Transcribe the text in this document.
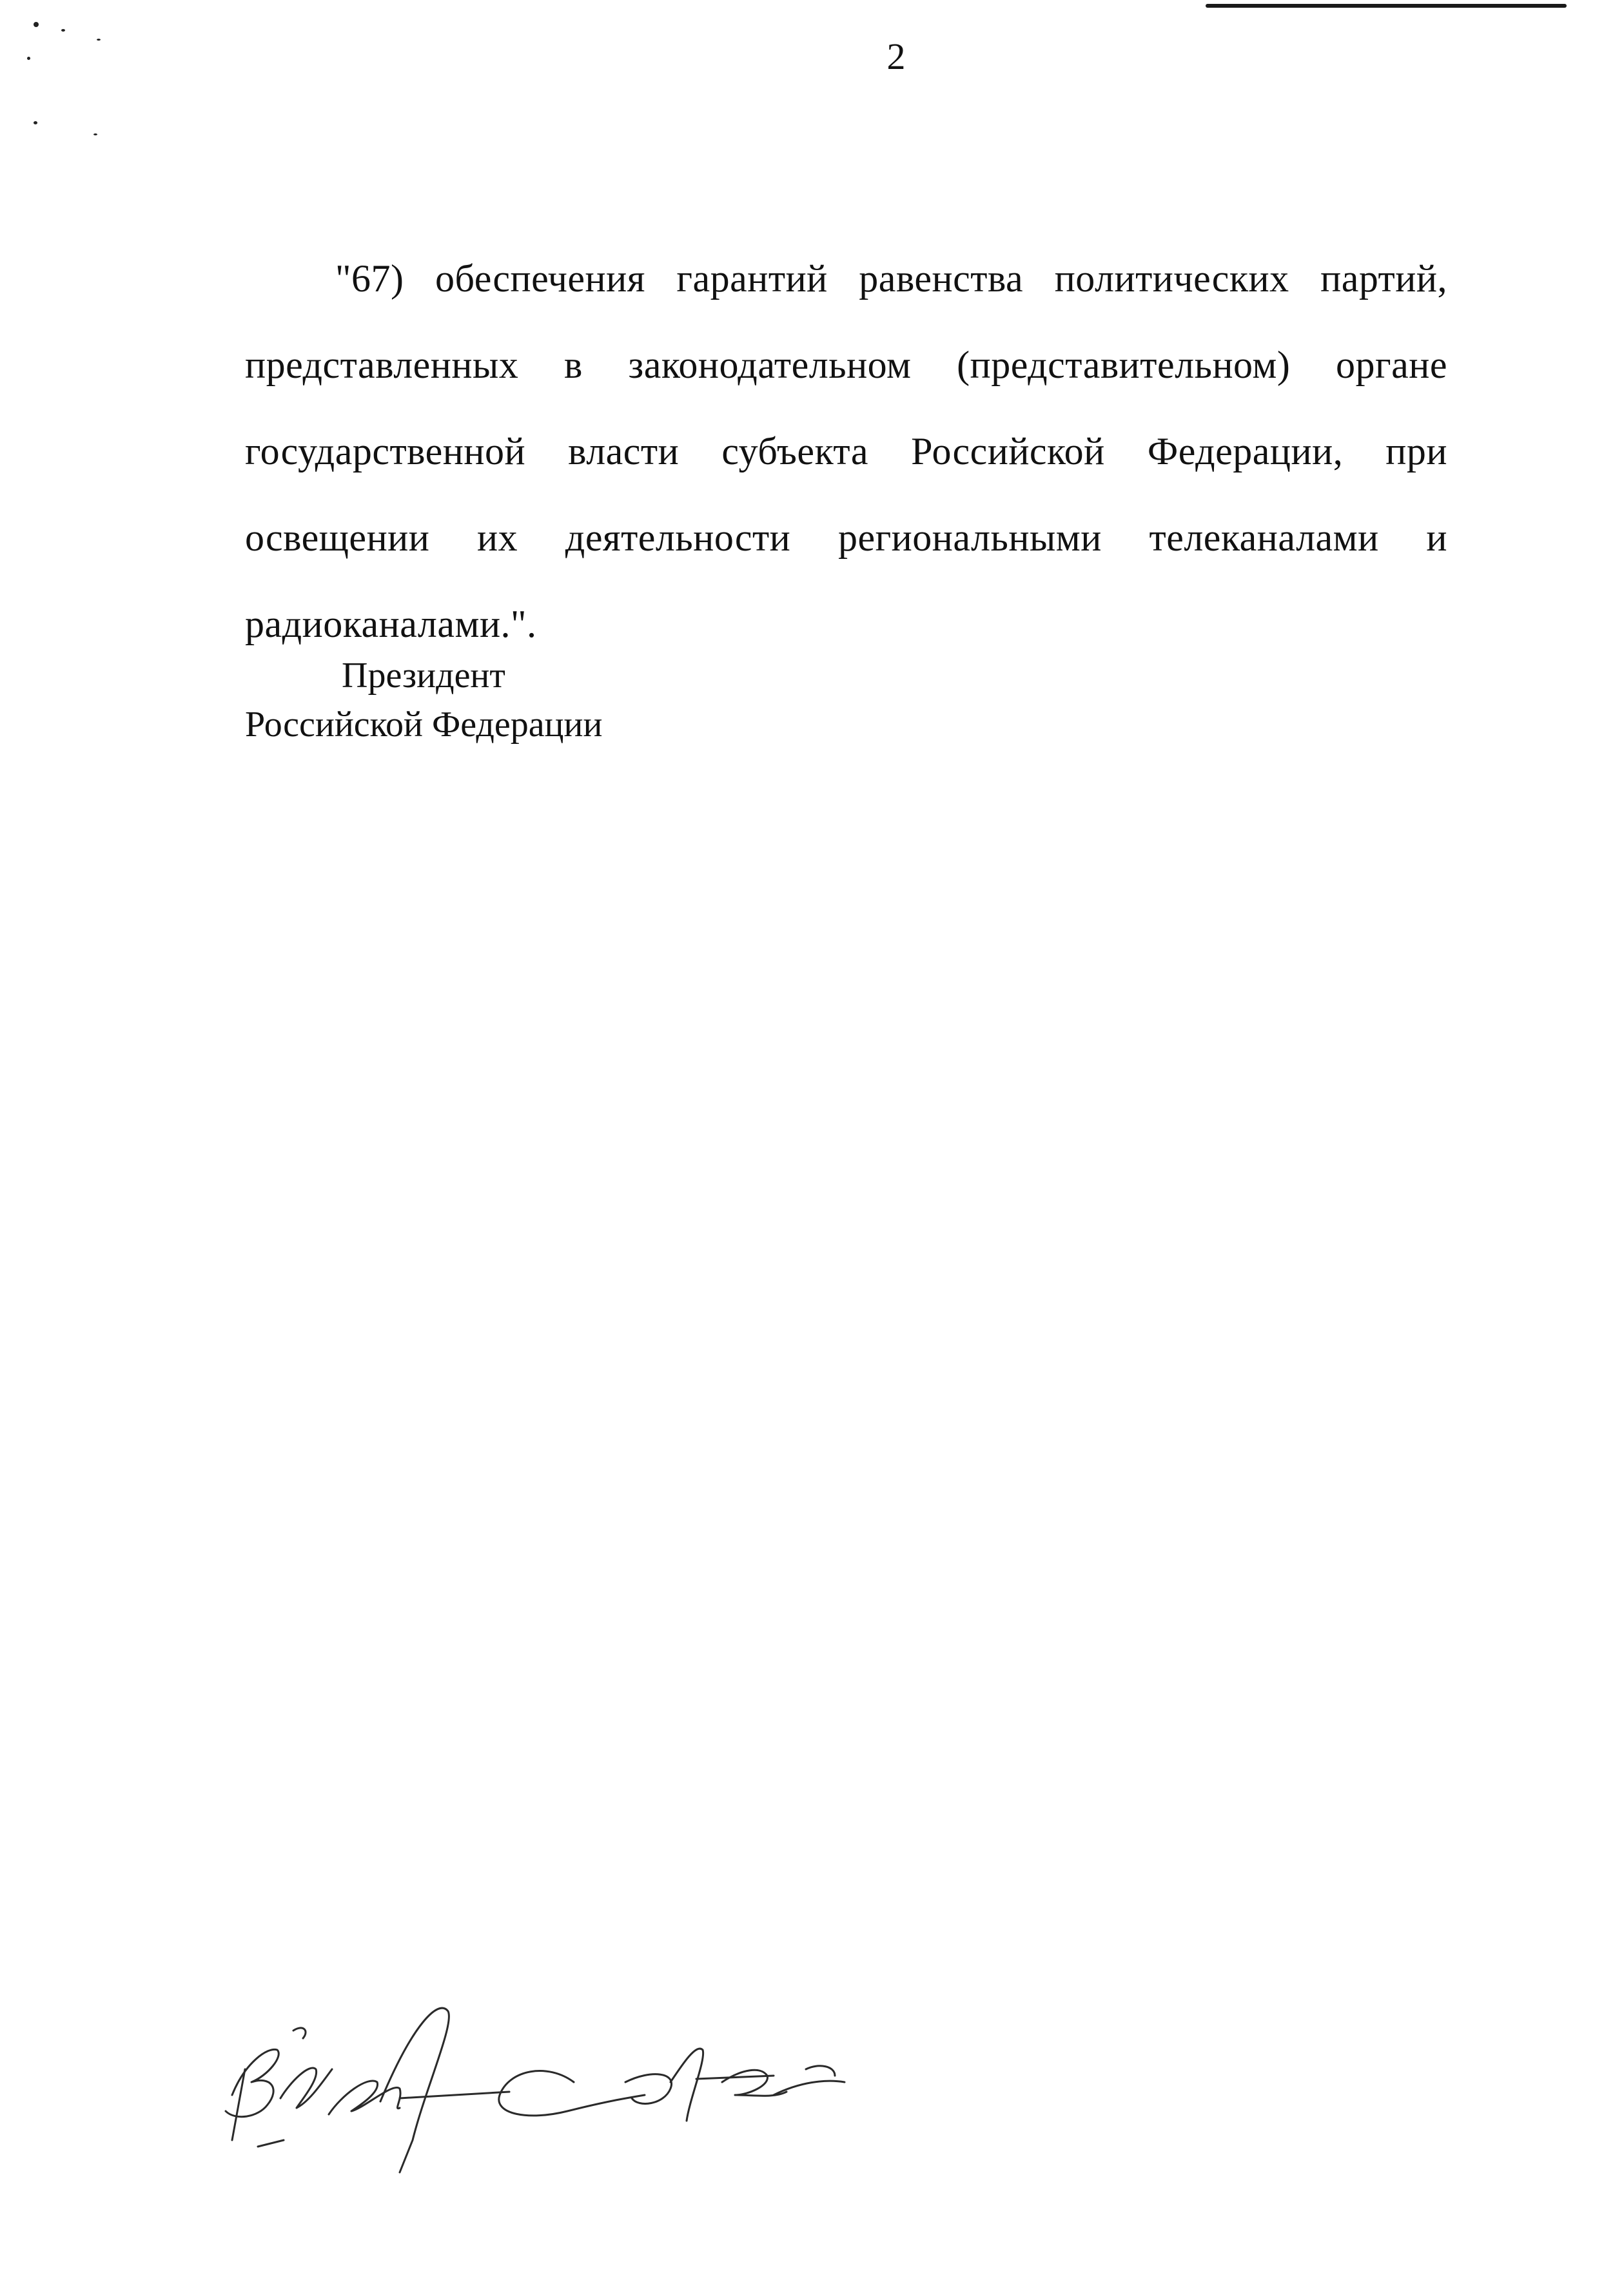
2

"67) обеспечения гарантий равенства политических партий, представленных в законодательном (представительном) органе государственной власти субъекта Российской Федерации, при освещении их деятельности региональными телеканалами и радиоканалами.".

Президент
Российской Федерации
